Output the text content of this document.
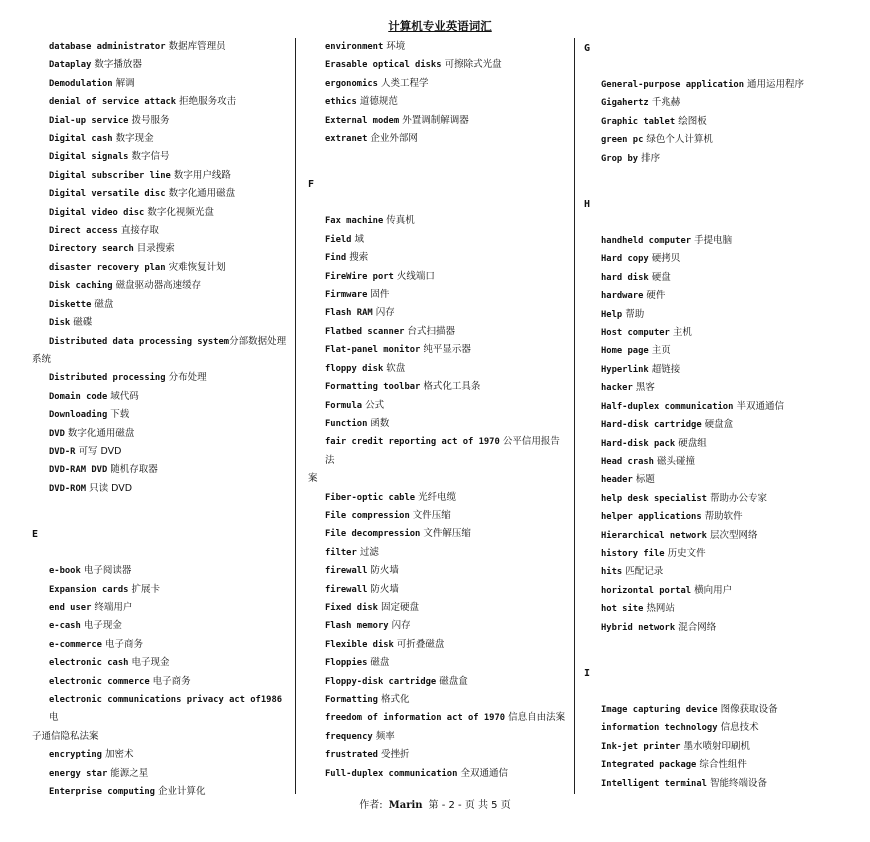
计算机专业英语词汇
database administrator 数据库管理员
Dataplay 数字播放器
Demodulation 解调
denial of service attack 拒绝服务攻击
Dial-up service 拨号服务
Digital cash 数字现金
Digital signals 数字信号
Digital subscriber line 数字用户线路
Digital versatile disc 数字化通用磁盘
Digital video disc 数字化视频光盘
Direct access 直接存取
Directory search 目录搜索
disaster recovery plan 灾难恢复计划
Disk caching 磁盘驱动器高速缓存
Diskette 磁盘
Disk 磁碟
Distributed data processing system分部数据处理
系统
Distributed processing 分布处理
Domain code 域代码
Downloading 下载
DVD 数字化通用磁盘
DVD-R 可写 DVD
DVD-RAM DVD 随机存取器
DVD-ROM 只读 DVD
E
e-book 电子阅读器
Expansion cards 扩展卡
end user 终端用户
e-cash 电子现金
e-commerce 电子商务
electronic cash 电子现金
electronic commerce 电子商务
electronic communications privacy act of1986 电
子通信隐私法案
encrypting 加密术
energy star 能源之星
Enterprise computing 企业计算化
environment 环境
Erasable optical disks 可擦除式光盘
ergonomics 人类工程学
ethics 道德规范
External modem 外置调制解调器
extranet 企业外部网
F
Fax machine 传真机
Field 域
Find 搜索
FireWire port 火线端口
Firmware 固件
Flash RAM 闪存
Flatbed scanner 台式扫描器
Flat-panel monitor 纯平显示器
floppy disk 软盘
Formatting toolbar 格式化工具条
Formula 公式
Function 函数
fair credit reporting act of 1970 公平信用报告法
案
Fiber-optic cable 光纤电缆
File compression 文件压缩
File decompression 文件解压缩
filter 过滤
firewall 防火墙
firewall 防火墙
Fixed disk 固定硬盘
Flash memory 闪存
Flexible disk 可折叠磁盘
Floppies 磁盘
Floppy-disk cartridge 磁盘盒
Formatting 格式化
freedom of information act of 1970 信息自由法案
frequency 频率
frustrated 受挫折
Full-duplex communication 全双通通信
G
General-purpose application 通用运用程序
Gigahertz 千兆赫
Graphic tablet 绘图板
green pc 绿色个人计算机
Grop by 排序
H
handheld computer 手提电脑
Hard copy 硬拷贝
hard disk 硬盘
hardware 硬件
Help 帮助
Host computer 主机
Home page 主页
Hyperlink 超链接
hacker 黑客
Half-duplex communication 半双通通信
Hard-disk cartridge 硬盘盒
Hard-disk pack 硬盘组
Head crash 磁头碰撞
header 标题
help desk specialist 帮助办公专家
helper applications 帮助软件
Hierarchical network 层次型网络
history file 历史文件
hits 匹配记录
horizontal portal 横向用户
hot site 热网站
Hybrid network 混合网络
I
Image capturing device 图像获取设备
information technology 信息技术
Ink-jet printer 墨水喷射印刷机
Integrated package 综合性组件
Intelligent terminal 智能终端设备
作者: Marin 第 - 2 - 页 共 5 页
